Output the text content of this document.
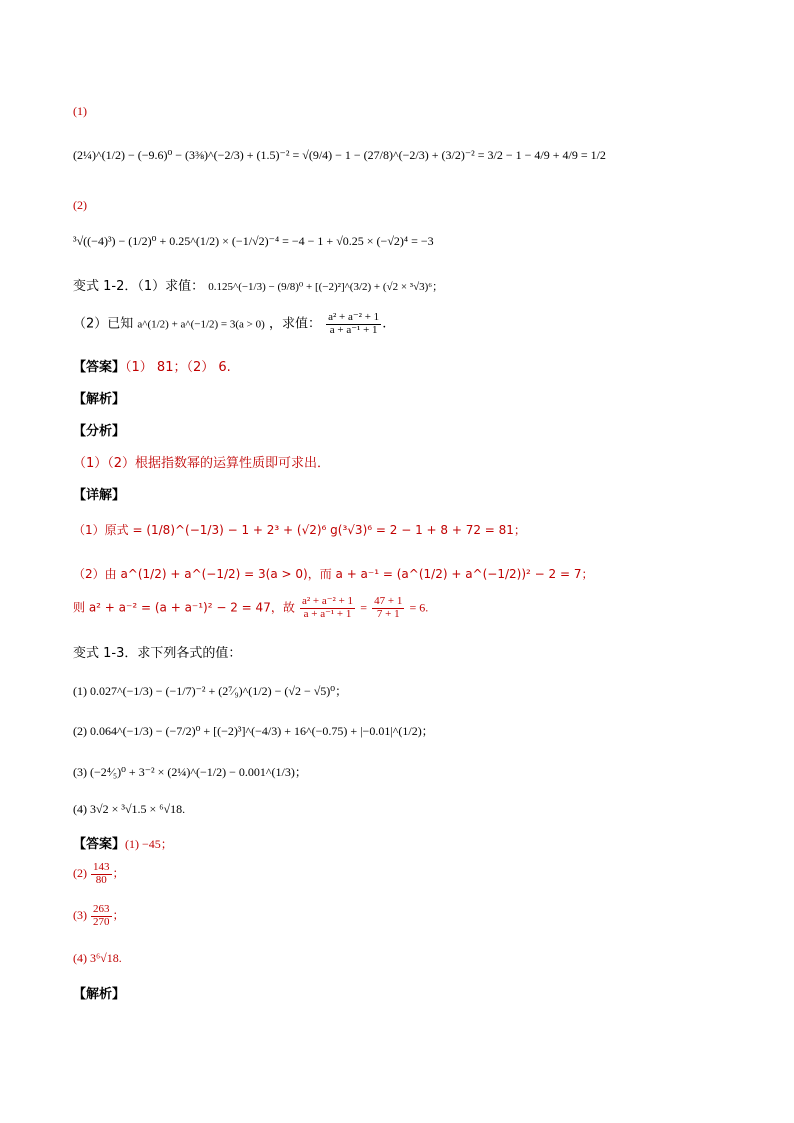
(1)
(2¼)^(1/2) − (−9.6)⁰ − (3⅜)^(−2/3) + (1.5)⁻² = √(9/4) − 1 − (27/8)^(−2/3) + (3/2)⁻² = 3/2 − 1 − 4/9 + 4/9 = 1/2
(2)
³√((−4)³) − (1/2)⁰ + 0.25^(1/2) × (−1/√2)⁻⁴ = −4 − 1 + √0.25 × (−√2)⁴ = −3
变式 1-2．（1）求值： 0.125^(−1/3) − (9/8)⁰ + [(−2)²]^(3/2) + (√2 × ³√3)⁶；
（2）已知 a^(1/2) + a^(−1/2) = 3(a > 0) ，求值： $\frac{\text{a² + a⁻² + 1}}{\text{a + a⁻¹ + 1}}$ .
【答案】（1） 81；（2） 6.
【解析】
【分析】
（1）（2）根据指数幂的运算性质即可求出．
【详解】
（1）原式 = (1/8)^(−1/3) − 1 + 2³ + (√2)⁶ g(³√3)⁶ = 2 − 1 + 8 + 72 = 81；
（2）由 a^(1/2) + a^(−1/2) = 3(a > 0)，而 a + a⁻¹ = (a^(1/2) + a^(−1/2))² − 2 = 7；
则 a² + a⁻² = (a + a⁻¹)² − 2 = 47，故 $\frac{\text{a² + a⁻² + 1}}{\text{a + a⁻¹ + 1}} = \frac{47 + 1}{7 + 1} = 6$.
变式 1-3．求下列各式的值：
(1) 0.027^(−1/3) − (−1/7)⁻² + (2⁷⁄₉)^(1/2) − (√2 − √5)⁰；
(2) 0.064^(−1/3) − (−7/2)⁰ + [(−2)³]^(−4/3) + 16^(−0.75) + |−0.01|^(1/2)；
(3) (−2⁴⁄₅)⁰ + 3⁻² × (2¼)^(−1/2) − 0.001^(1/3)；
(4) 3√2 × ³√1.5 × ⁶√18.
【答案】(1) −45；
$(2) \frac{143}{80}$ ；
$(3) \frac{263}{270}$ ；
(4) 3⁶√18.
【解析】
